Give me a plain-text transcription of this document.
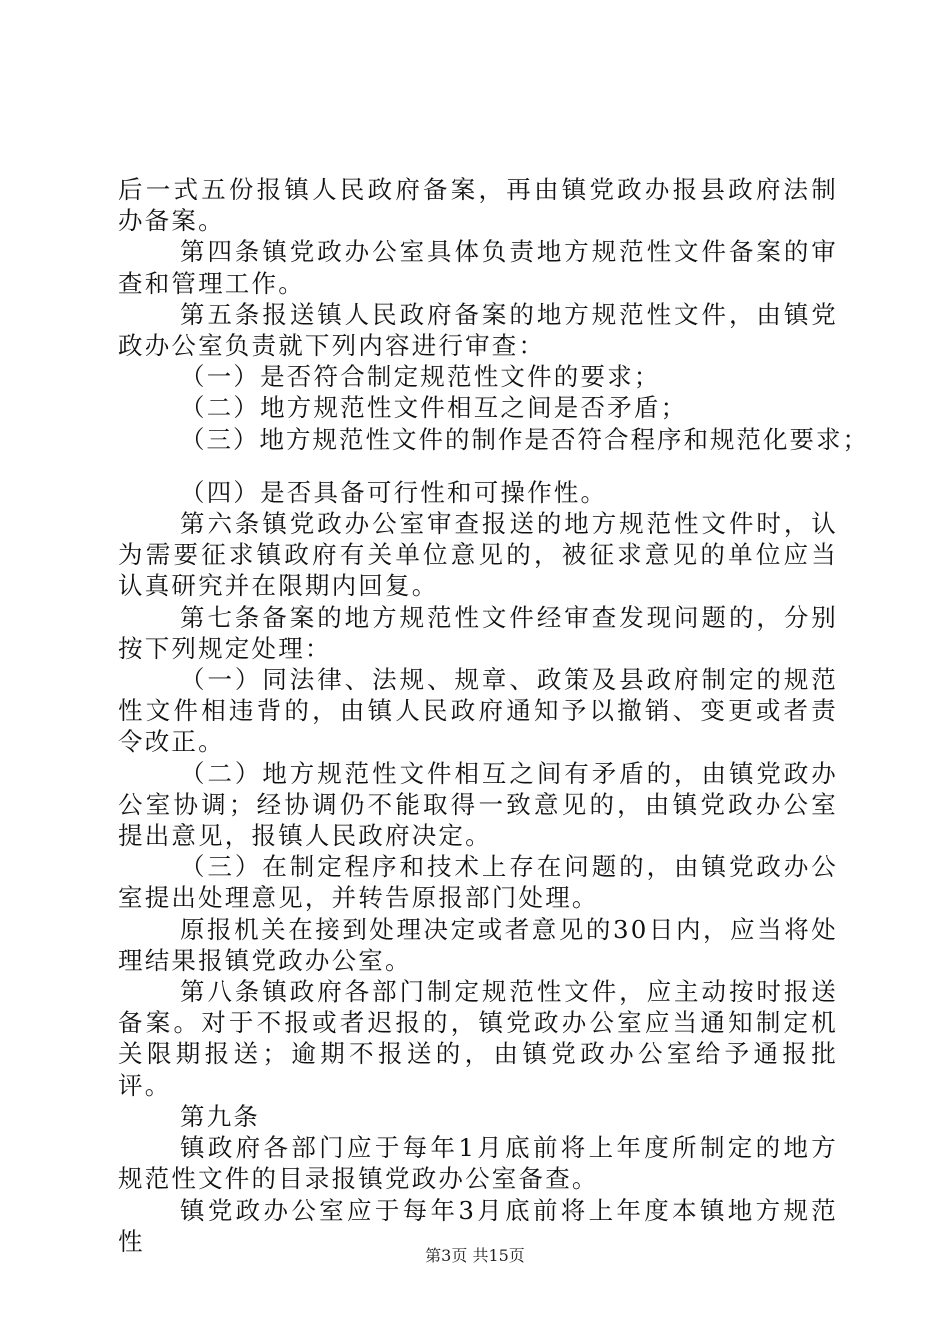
后一式五份报镇人民政府备案，再由镇党政办报县政府法制办备案。

第四条镇党政办公室具体负责地方规范性文件备案的审查和管理工作。

第五条报送镇人民政府备案的地方规范性文件，由镇党政办公室负责就下列内容进行审查：

（一）是否符合制定规范性文件的要求；

（二）地方规范性文件相互之间是否矛盾；

（三）地方规范性文件的制作是否符合程序和规范化要求；

（四）是否具备可行性和可操作性。

第六条镇党政办公室审查报送的地方规范性文件时，认为需要征求镇政府有关单位意见的，被征求意见的单位应当认真研究并在限期内回复。

第七条备案的地方规范性文件经审查发现问题的，分别按下列规定处理：

（一）同法律、法规、规章、政策及县政府制定的规范性文件相违背的，由镇人民政府通知予以撤销、变更或者责令改正。

（二）地方规范性文件相互之间有矛盾的，由镇党政办公室协调；经协调仍不能取得一致意见的，由镇党政办公室提出意见，报镇人民政府决定。

（三）在制定程序和技术上存在问题的，由镇党政办公室提出处理意见，并转告原报部门处理。

原报机关在接到处理决定或者意见的30日内，应当将处理结果报镇党政办公室。

第八条镇政府各部门制定规范性文件，应主动按时报送备案。对于不报或者迟报的，镇党政办公室应当通知制定机关限期报送；逾期不报送的，由镇党政办公室给予通报批评。

第九条

镇政府各部门应于每年1月底前将上年度所制定的地方规范性文件的目录报镇党政办公室备查。

镇党政办公室应于每年3月底前将上年度本镇地方规范性	第3页 共15页
